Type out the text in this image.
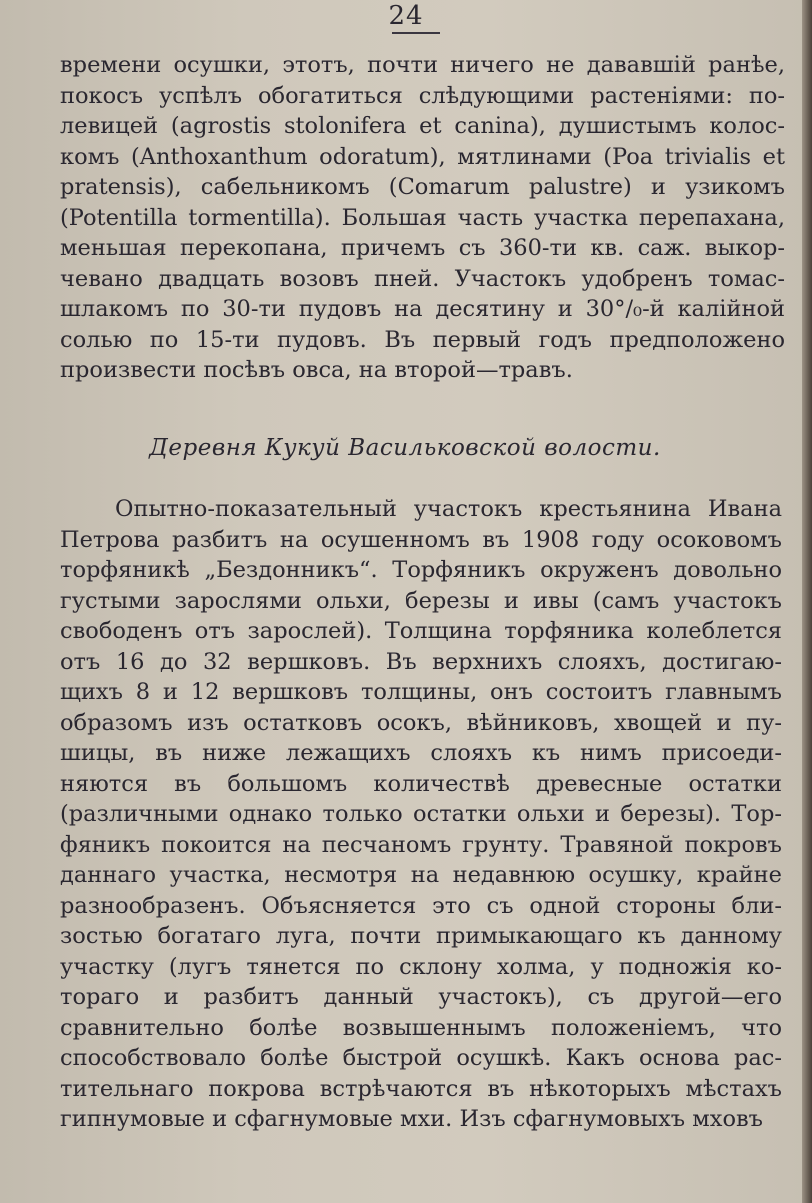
24

времени осушки, этотъ, почти ничего не дававшій ранѣе,
покосъ успѣлъ обогатиться слѣдующими растеніями: по-
левицей (agrostis stolonifera et canina), душистымъ колос-
комъ (Anthoxanthum odoratum), мятлинами (Poa trivialis et
pratensis), сабельникомъ (Comarum palustre) и узикомъ
(Potentilla tormentilla). Большая часть участка перепахана,
меньшая перекопана, причемъ съ 360-ти кв. саж. выкор-
чевано двадцать возовъ пней. Участокъ удобренъ томас-
шлакомъ по 30-ти пудовъ на десятину и 30°/₀-й калійной
солью по 15-ти пудовъ. Въ первый годъ предположено
произвести посѣвъ овса, на второй—травъ.

Деревня Кукуй Васильковской волости.

Опытно-показательный участокъ крестьянина Ивана
Петрова разбитъ на осушенномъ въ 1908 году осоковомъ
торфяникѣ „Бездонникъ“. Торфяникъ окруженъ довольно
густыми зарослями ольхи, березы и ивы (самъ участокъ
свободенъ отъ зарослей). Толщина торфяника колеблется
отъ 16 до 32 вершковъ. Въ верхнихъ слояхъ, достигаю-
щихъ 8 и 12 вершковъ толщины, онъ состоитъ главнымъ
образомъ изъ остатковъ осокъ, вѣйниковъ, хвощей и пу-
шицы, въ ниже лежащихъ слояхъ къ нимъ присоеди-
няются въ большомъ количествѣ древесные остатки
(различными однако только остатки ольхи и березы). Тор-
фяникъ покоится на песчаномъ грунту. Травяной покровъ
даннаго участка, несмотря на недавнюю осушку, крайне
разнообразенъ. Объясняется это съ одной стороны бли-
зостью богатаго луга, почти примыкающаго къ данному
участку (лугъ тянется по склону холма, у подножія ко-
тораго и разбитъ данный участокъ), съ другой—его
сравнительно болѣе возвышеннымъ положеніемъ, что
способствовало болѣе быстрой осушкѣ. Какъ основа рас-
тительнаго покрова встрѣчаются въ нѣкоторыхъ мѣстахъ
гипнумовые и сфагнумовые мхи. Изъ сфагнумовыхъ мховъ
